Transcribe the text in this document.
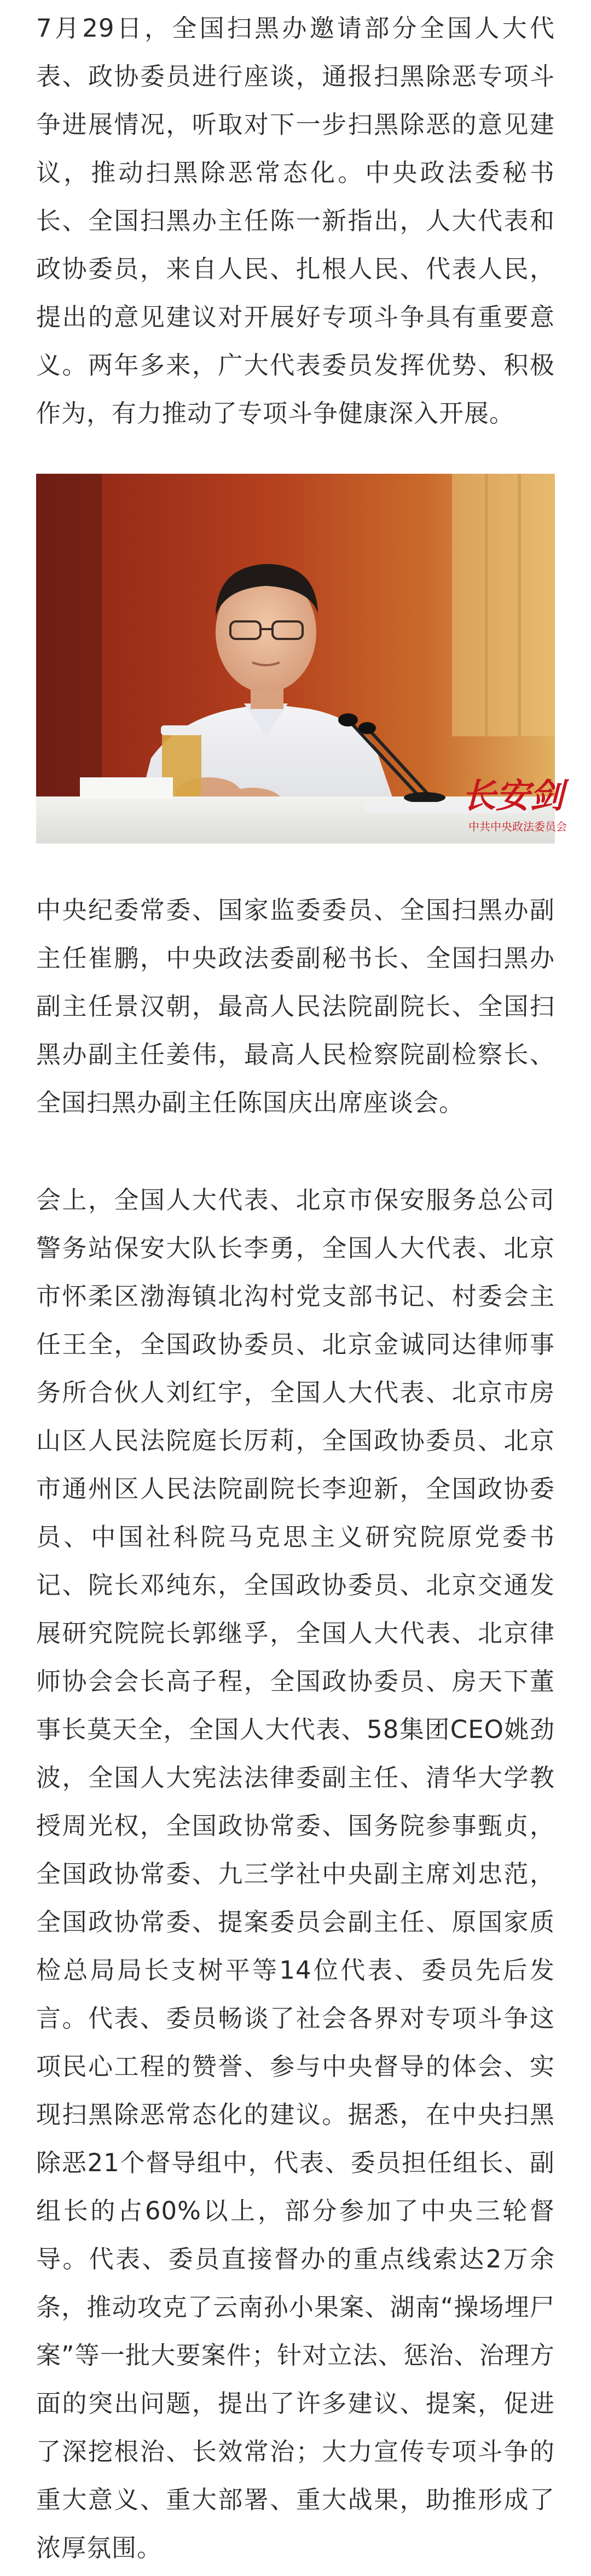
7月29日，全国扫黑办邀请部分全国人大代表、政协委员进行座谈，通报扫黑除恶专项斗争进展情况，听取对下一步扫黑除恶的意见建议，推动扫黑除恶常态化。中央政法委秘书长、全国扫黑办主任陈一新指出，人大代表和政协委员，来自人民、扎根人民、代表人民，提出的意见建议对开展好专项斗争具有重要意义。两年多来，广大代表委员发挥优势、积极作为，有力推动了专项斗争健康深入开展。

长安剑
中共中央政法委员会

中央纪委常委、国家监委委员、全国扫黑办副主任崔鹏，中央政法委副秘书长、全国扫黑办副主任景汉朝，最高人民法院副院长、全国扫黑办副主任姜伟，最高人民检察院副检察长、全国扫黑办副主任陈国庆出席座谈会。

会上，全国人大代表、北京市保安服务总公司警务站保安大队长李勇，全国人大代表、北京市怀柔区渤海镇北沟村党支部书记、村委会主任王全，全国政协委员、北京金诚同达律师事务所合伙人刘红宇，全国人大代表、北京市房山区人民法院庭长厉莉，全国政协委员、北京市通州区人民法院副院长李迎新，全国政协委员、中国社科院马克思主义研究院原党委书记、院长邓纯东，全国政协委员、北京交通发展研究院院长郭继孚，全国人大代表、北京律师协会会长高子程，全国政协委员、房天下董事长莫天全，全国人大代表、58集团CEO姚劲波，全国人大宪法法律委副主任、清华大学教授周光权，全国政协常委、国务院参事甄贞，全国政协常委、九三学社中央副主席刘忠范，全国政协常委、提案委员会副主任、原国家质检总局局长支树平等14位代表、委员先后发言。代表、委员畅谈了社会各界对专项斗争这项民心工程的赞誉、参与中央督导的体会、实现扫黑除恶常态化的建议。据悉，在中央扫黑除恶21个督导组中，代表、委员担任组长、副组长的占60%以上，部分参加了中央三轮督导。代表、委员直接督办的重点线索达2万余条，推动攻克了云南孙小果案、湖南“操场埋尸案”等一批大要案件；针对立法、惩治、治理方面的突出问题，提出了许多建议、提案，促进了深挖根治、长效常治；大力宣传专项斗争的重大意义、重大部署、重大战果，助推形成了浓厚氛围。
